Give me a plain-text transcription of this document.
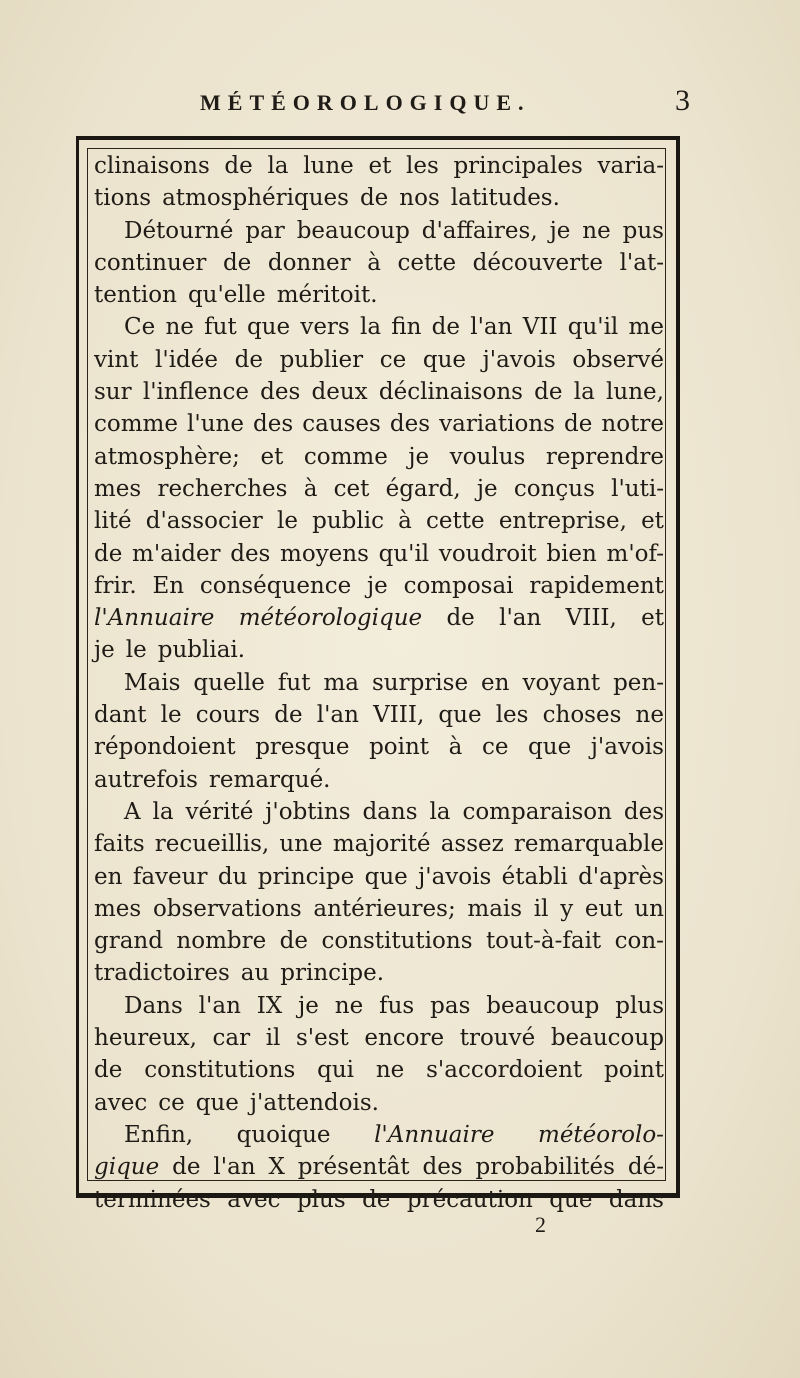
MÉTÉOROLOGIQUE.	3
clinaisons de la lune et les principales varia-
tions atmosphériques de nos latitudes.
Détourné par beaucoup d'affaires, je ne pus
continuer de donner à cette découverte l'at-
tention qu'elle méritoit.
Ce ne fut que vers la fin de l'an VII qu'il me
vint l'idée de publier ce que j'avois observé
sur l'inflence des deux déclinaisons de la lune,
comme l'une des causes des variations de notre
atmosphère; et comme je voulus reprendre
mes recherches à cet égard, je conçus l'uti-
lité d'associer le public à cette entreprise, et
de m'aider des moyens qu'il voudroit bien m'of-
frir. En conséquence je composai rapidement
l'Annuaire météorologique de l'an VIII, et
je le publiai.
Mais quelle fut ma surprise en voyant pen-
dant le cours de l'an VIII, que les choses ne
répondoient presque point à ce que j'avois
autrefois remarqué.
A la vérité j'obtins dans la comparaison des
faits recueillis, une majorité assez remarquable
en faveur du principe que j'avois établi d'après
mes observations antérieures; mais il y eut un
grand nombre de constitutions tout-à-fait con-
tradictoires au principe.
Dans l'an IX je ne fus pas beaucoup plus
heureux, car il s'est encore trouvé beaucoup
de constitutions qui ne s'accordoient point
avec ce que j'attendois.
Enfin, quoique l'Annuaire météorolo-
gique de l'an X présentât des probabilités dé-
terminées avec plus de précaution que dans
2
